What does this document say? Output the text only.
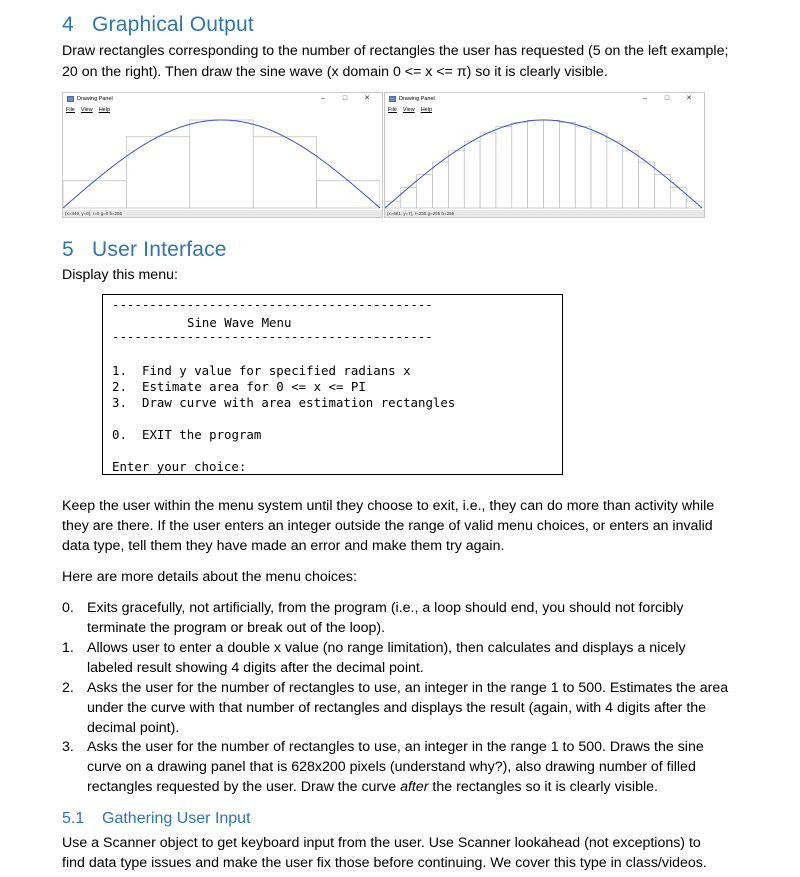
4 Graphical Output

Draw rectangles corresponding to the number of rectangles the user has requested (5 on the left example;

20 on the right). Then draw the sine wave (x domain 0 <= x <= π) so it is clearly visible.

Drawing Panel	–	□ ✕
File View Help
(x=349, y=0), r=0 g=0 b=255
Drawing Panel	–	□ ✕
File View Help
(x=681, y=7), r=255 g=255 b=255
5 User Interface

Display this menu:

-------------------------------------------
Sine Wave Menu
-------------------------------------------
1. Find y value for specified radians x
2. Estimate area for 0 <= x <= PI
3. Draw curve with area estimation rectangles
0. EXIT the program
Enter your choice:

Keep the user within the menu system until they choose to exit, i.e., they can do more than activity while

they are there. If the user enters an integer outside the range of valid menu choices, or enters an invalid

data type, tell them they have made an error and make them try again.

Here are more details about the menu choices:

0. Exits gracefully, not artificially, from the program (i.e., a loop should end, you should not forcibly
terminate the program or break out of the loop).
1. Allows user to enter a double x value (no range limitation), then calculates and displays a nicely
labeled result showing 4 digits after the decimal point.
2. Asks the user for the number of rectangles to use, an integer in the range 1 to 500. Estimates the area
under the curve with that number of rectangles and displays the result (again, with 4 digits after the
decimal point).
3. Asks the user for the number of rectangles to use, an integer in the range 1 to 500. Draws the sine
curve on a drawing panel that is 628x200 pixels (understand why?), also drawing number of filled
rectangles requested by the user. Draw the curve after the rectangles so it is clearly visible.
5.1 Gathering User Input

Use a Scanner object to get keyboard input from the user. Use Scanner lookahead (not exceptions) to

find data type issues and make the user fix those before continuing. We cover this type in class/videos.
